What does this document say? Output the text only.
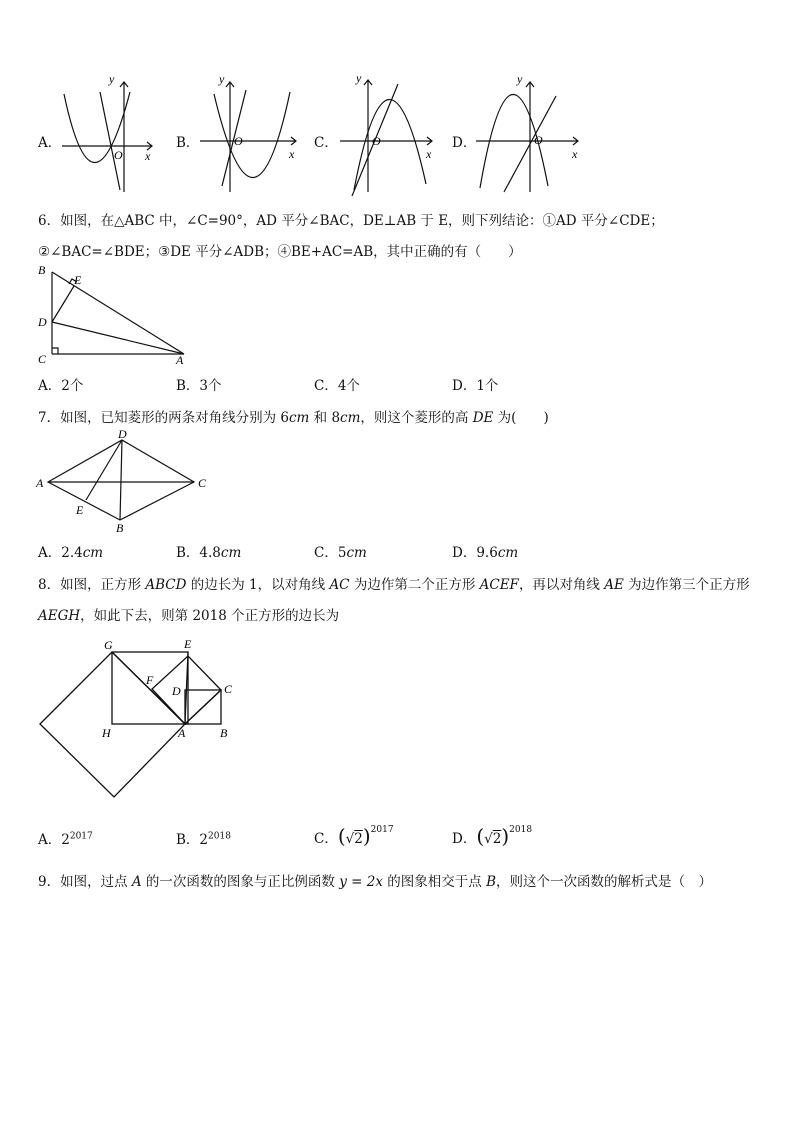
A．	B．	C．	D．
y
x
O
y
x
O
y
x
O
y
x
O
6．如图，在△ABC 中，∠C=90°，AD 平分∠BAC，DE⊥AB 于 E，则下列结论：①AD 平分∠CDE；
②∠BAC=∠BDE；③DE 平分∠ADB；④BE+AC=AB，其中正确的有（　　）
B
E
D
C	A
A．2个	B．3个	C．4个	D．1个
7．如图，已知菱形的两条对角线分别为 6cm 和 8cm，则这个菱形的高 DE 为(　　)
D
A	C
E
B
A．2.4cm	B．4.8cm	C．5cm	D．9.6cm
8．如图，正方形 ABCD 的边长为 1，以对角线 AC 为边作第二个正方形 ACEF，再以对角线 AE 为边作第三个正方形
AEGH，如此下去，则第 2018 个正方形的边长为
G	E
F
D	C
H	A	B
A．$2^{2017}$	B．$2^{2018}$	C．$(√2)^{2017}$
D．$(√2)^{2018}$
9．如图，过点 A 的一次函数的图象与正比例函数 y = 2x 的图象相交于点 B，则这个一次函数的解析式是（　）
